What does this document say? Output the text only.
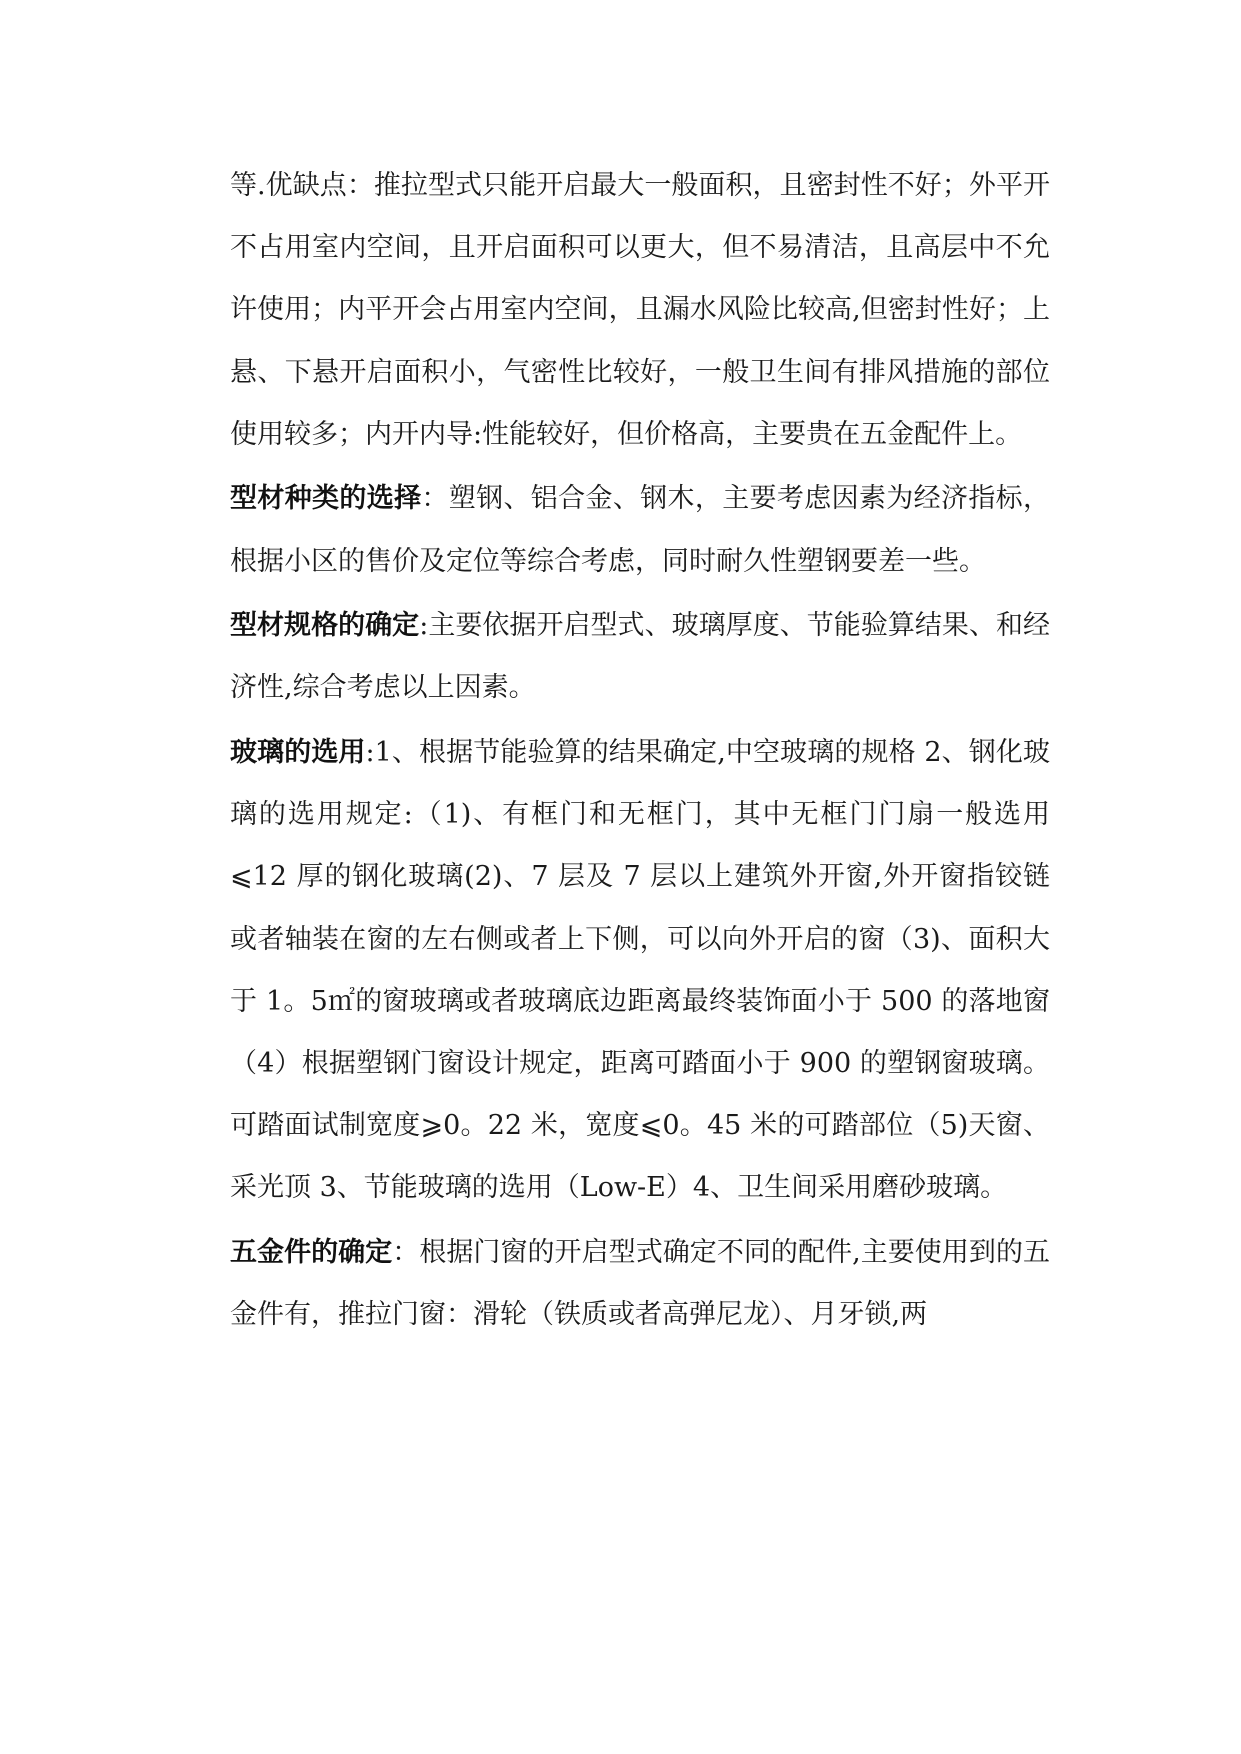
等.优缺点：推拉型式只能开启最大一般面积，且密封性不好；外平开不占用室内空间，且开启面积可以更大，但不易清洁，且高层中不允许使用；内平开会占用室内空间，且漏水风险比较高,但密封性好；上悬、下悬开启面积小，气密性比较好，一般卫生间有排风措施的部位使用较多；内开内导:性能较好，但价格高，主要贵在五金配件上。

型材种类的选择：塑钢、铝合金、钢木，主要考虑因素为经济指标，根据小区的售价及定位等综合考虑，同时耐久性塑钢要差一些。

型材规格的确定:主要依据开启型式、玻璃厚度、节能验算结果、和经济性,综合考虑以上因素。

玻璃的选用:1、根据节能验算的结果确定,中空玻璃的规格 2、钢化玻璃的选用规定:（1)、有框门和无框门，其中无框门门扇一般选用⩽12 厚的钢化玻璃(2)、7 层及 7 层以上建筑外开窗,外开窗指铰链或者轴装在窗的左右侧或者上下侧，可以向外开启的窗（3)、面积大于 1。5㎡的窗玻璃或者玻璃底边距离最终装饰面小于 500 的落地窗（4）根据塑钢门窗设计规定，距离可踏面小于 900 的塑钢窗玻璃。可踏面试制宽度⩾0。22 米，宽度⩽0。45 米的可踏部位（5)天窗、采光顶 3、节能玻璃的选用（Low-E）4、卫生间采用磨砂玻璃。

五金件的确定：根据门窗的开启型式确定不同的配件,主要使用到的五金件有，推拉门窗：滑轮（铁质或者高弹尼龙）、月牙锁,两
